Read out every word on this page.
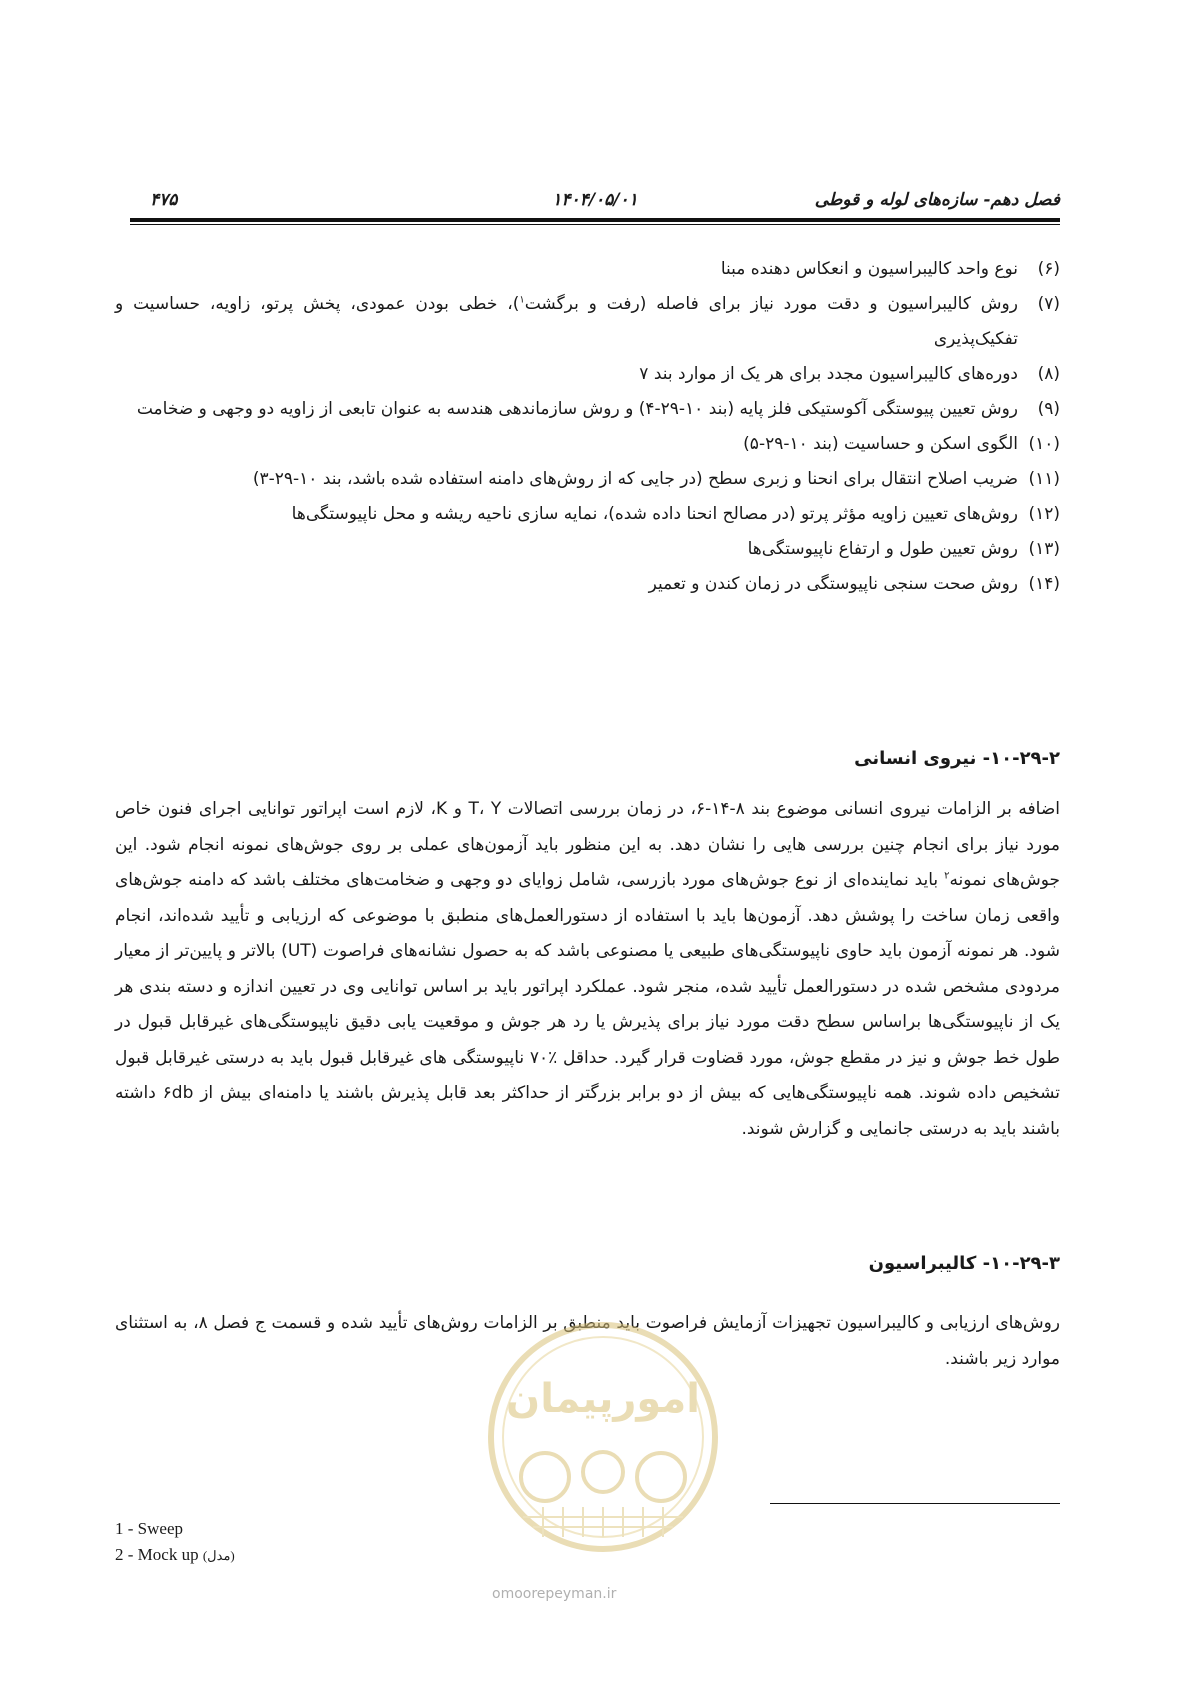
فصل دهم- سازه‌های لوله و قوطی
۱۴۰۴/۰۵/۰۱
۴۷۵
(۶)
نوع واحد کالیبراسیون و انعکاس دهنده مبنا
(۷)
روش کالیبراسیون و دقت مورد نیاز برای فاصله (رفت و برگشت$^۱$)، خطی بودن عمودی، پخش پرتو، زاویه، حساسیت و تفکیک‌پذیری
(۸)
دوره‌های کالیبراسیون مجدد برای هر یک از موارد بند ۷
(۹)
روش تعیین پیوستگی آکوستیکی فلز پایه (بند ۱۰-۲۹-۴) و روش سازماندهی هندسه به عنوان تابعی از زاویه دو وجهی و ضخامت
(۱۰)
الگوی اسکن و حساسیت (بند ۱۰-۲۹-۵)
(۱۱)
ضریب اصلاح انتقال برای انحنا و زبری سطح (در جایی که از روش‌های دامنه استفاده شده باشد، بند ۱۰-۲۹-۳)
(۱۲)
روش‌های تعیین زاویه مؤثر پرتو (در مصالح انحنا داده شده)، نمایه سازی ناحیه ریشه و محل ناپیوستگی‌ها
(۱۳)
روش تعیین طول و ارتفاع ناپیوستگی‌ها
(۱۴)
روش صحت سنجی ناپیوستگی در زمان کندن و تعمیر
۱۰-۲۹-۲- نیروی انسانی

اضافه بر الزامات نیروی انسانی موضوع بند ۸-۱۴-۶، در زمان بررسی اتصالات T، Y و K، لازم است اپراتور توانایی اجرای فنون خاص مورد نیاز برای انجام چنین بررسی هایی را نشان دهد. به این منظور باید آزمون‌های عملی بر روی جوش‌های نمونه انجام شود. این جوش‌های نمونه$^۲$ باید نماینده‌ای از نوع جوش‌های مورد بازرسی، شامل زوایای دو وجهی و ضخامت‌های مختلف باشد که دامنه جوش‌های واقعی زمان ساخت را پوشش دهد. آزمون‌ها باید با استفاده از دستورالعمل‌های منطبق با موضوعی که ارزیابی و تأیید شده‌اند، انجام شود. هر نمونه آزمون باید حاوی ناپیوستگی‌های طبیعی یا مصنوعی باشد که به حصول نشانه‌های فراصوت (UT) بالاتر و پایین‌تر از معیار مردودی مشخص شده در دستورالعمل تأیید شده، منجر شود. عملکرد اپراتور باید بر اساس توانایی وی در تعیین اندازه و دسته بندی هر یک از ناپیوستگی‌ها براساس سطح دقت مورد نیاز برای پذیرش یا رد هر جوش و موقعیت یابی دقیق ناپیوستگی‌های غیرقابل قبول در طول خط جوش و نیز در مقطع جوش، مورد قضاوت قرار گیرد. حداقل ٪۷۰ ناپیوستگی های غیرقابل قبول باید به درستی غیرقابل قبول تشخیص داده شوند. همه ناپیوستگی‌هایی که بیش از دو برابر بزرگتر از حداکثر بعد قابل پذیرش باشند یا دامنه‌ای بیش از ۶db داشته باشند باید به درستی جانمایی و گزارش شوند.

۱۰-۲۹-۳- کالیبراسیون

روش‌های ارزیابی و کالیبراسیون تجهیزات آزمایش فراصوت باید منطبق بر الزامات روش‌های تأیید شده و قسمت ج فصل ۸، به استثنای موارد زیر باشند.

امورپیمان
omoorepeyman.ir
1 - Sweep
2 - Mock up (مدل)
